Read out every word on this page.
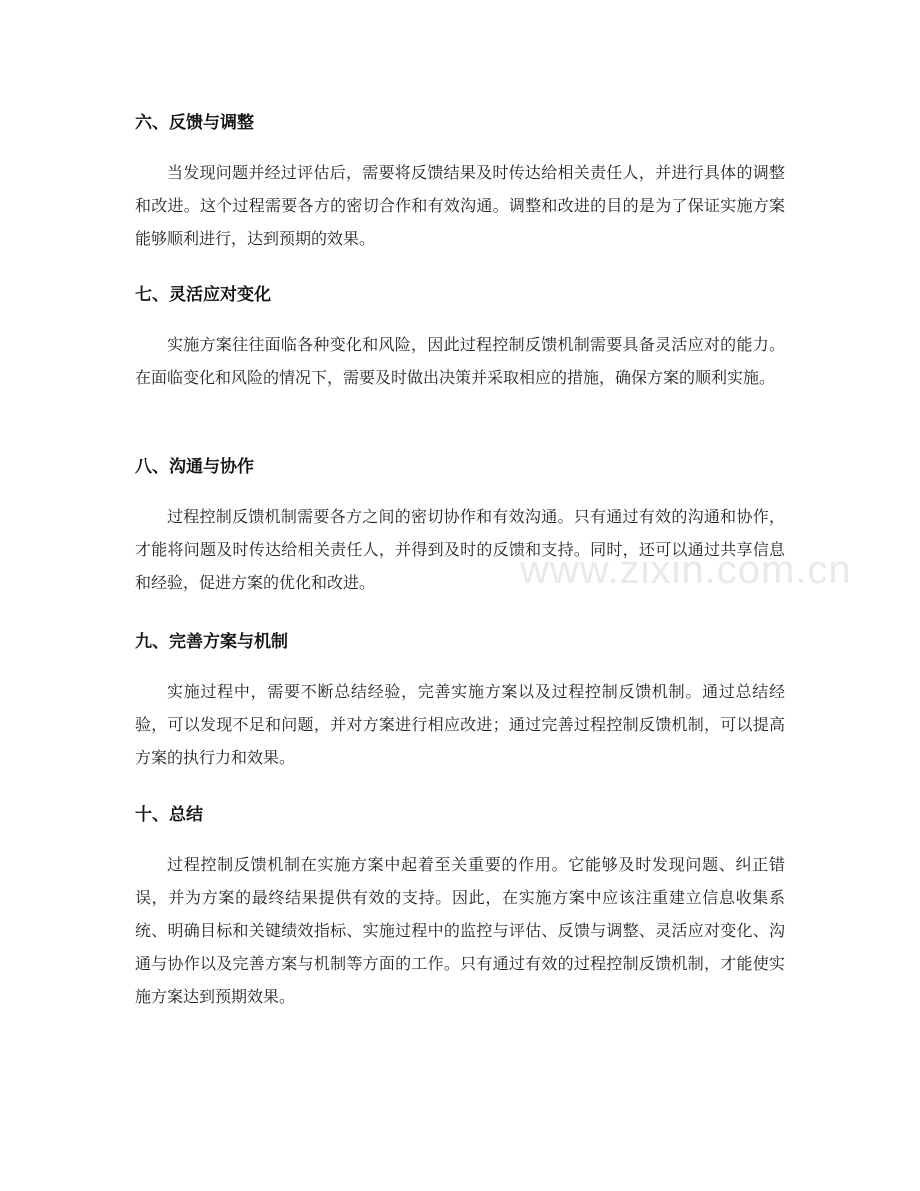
六、反馈与调整

当发现问题并经过评估后，需要将反馈结果及时传达给相关责任人，并进行具体的调整和改进。这个过程需要各方的密切合作和有效沟通。调整和改进的目的是为了保证实施方案能够顺利进行，达到预期的效果。

七、灵活应对变化

实施方案往往面临各种变化和风险，因此过程控制反馈机制需要具备灵活应对的能力。在面临变化和风险的情况下，需要及时做出决策并采取相应的措施，确保方案的顺利实施。

八、沟通与协作

过程控制反馈机制需要各方之间的密切协作和有效沟通。只有通过有效的沟通和协作，才能将问题及时传达给相关责任人，并得到及时的反馈和支持。同时，还可以通过共享信息和经验，促进方案的优化和改进。

九、完善方案与机制

实施过程中，需要不断总结经验，完善实施方案以及过程控制反馈机制。通过总结经验，可以发现不足和问题，并对方案进行相应改进；通过完善过程控制反馈机制，可以提高方案的执行力和效果。

十、总结

过程控制反馈机制在实施方案中起着至关重要的作用。它能够及时发现问题、纠正错误，并为方案的最终结果提供有效的支持。因此，在实施方案中应该注重建立信息收集系统、明确目标和关键绩效指标、实施过程中的监控与评估、反馈与调整、灵活应对变化、沟通与协作以及完善方案与机制等方面的工作。只有通过有效的过程控制反馈机制，才能使实施方案达到预期效果。

www.zixin.com.cn
